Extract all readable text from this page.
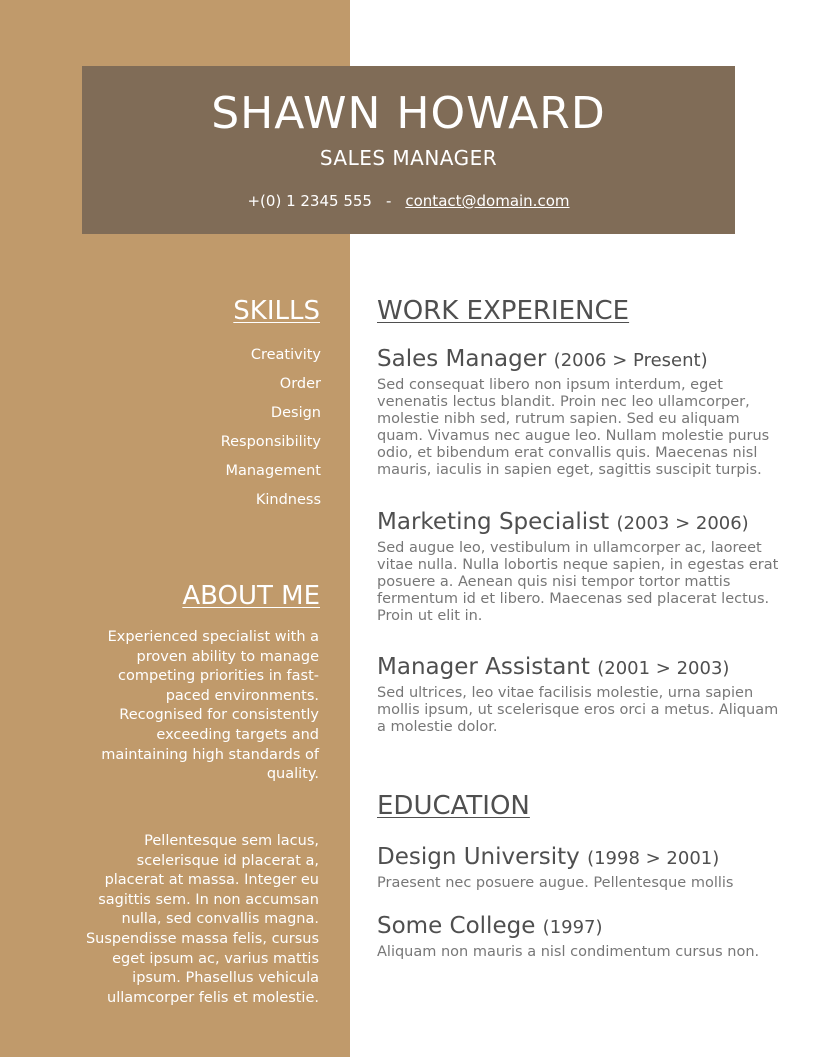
SHAWN HOWARD
SALES MANAGER
+(0) 1 2345 555 - contact@domain.com
SKILLS
Creativity
Order
Design
Responsibility
Management
Kindness
ABOUT ME
Experienced specialist with a proven ability to manage competing priorities in fast-paced environments. Recognised for consistently exceeding targets and maintaining high standards of quality.
Pellentesque sem lacus, scelerisque id placerat a, placerat at massa. Integer eu sagittis sem. In non accumsan nulla, sed convallis magna. Suspendisse massa felis, cursus eget ipsum ac, varius mattis ipsum. Phasellus vehicula ullamcorper felis et molestie.
WORK EXPERIENCE
Sales Manager (2006 > Present)
Sed consequat libero non ipsum interdum, eget venenatis lectus blandit. Proin nec leo ullamcorper, molestie nibh sed, rutrum sapien. Sed eu aliquam quam. Vivamus nec augue leo. Nullam molestie purus odio, et bibendum erat convallis quis. Maecenas nisl mauris, iaculis in sapien eget, sagittis suscipit turpis.
Marketing Specialist (2003 > 2006)
Sed augue leo, vestibulum in ullamcorper ac, laoreet vitae nulla. Nulla lobortis neque sapien, in egestas erat posuere a. Aenean quis nisi tempor tortor mattis fermentum id et libero. Maecenas sed placerat lectus. Proin ut elit in.
Manager Assistant (2001 > 2003)
Sed ultrices, leo vitae facilisis molestie, urna sapien mollis ipsum, ut scelerisque eros orci a metus. Aliquam a molestie dolor.
EDUCATION
Design University (1998 > 2001)
Praesent nec posuere augue. Pellentesque mollis
Some College (1997)
Aliquam non mauris a nisl condimentum cursus non.
